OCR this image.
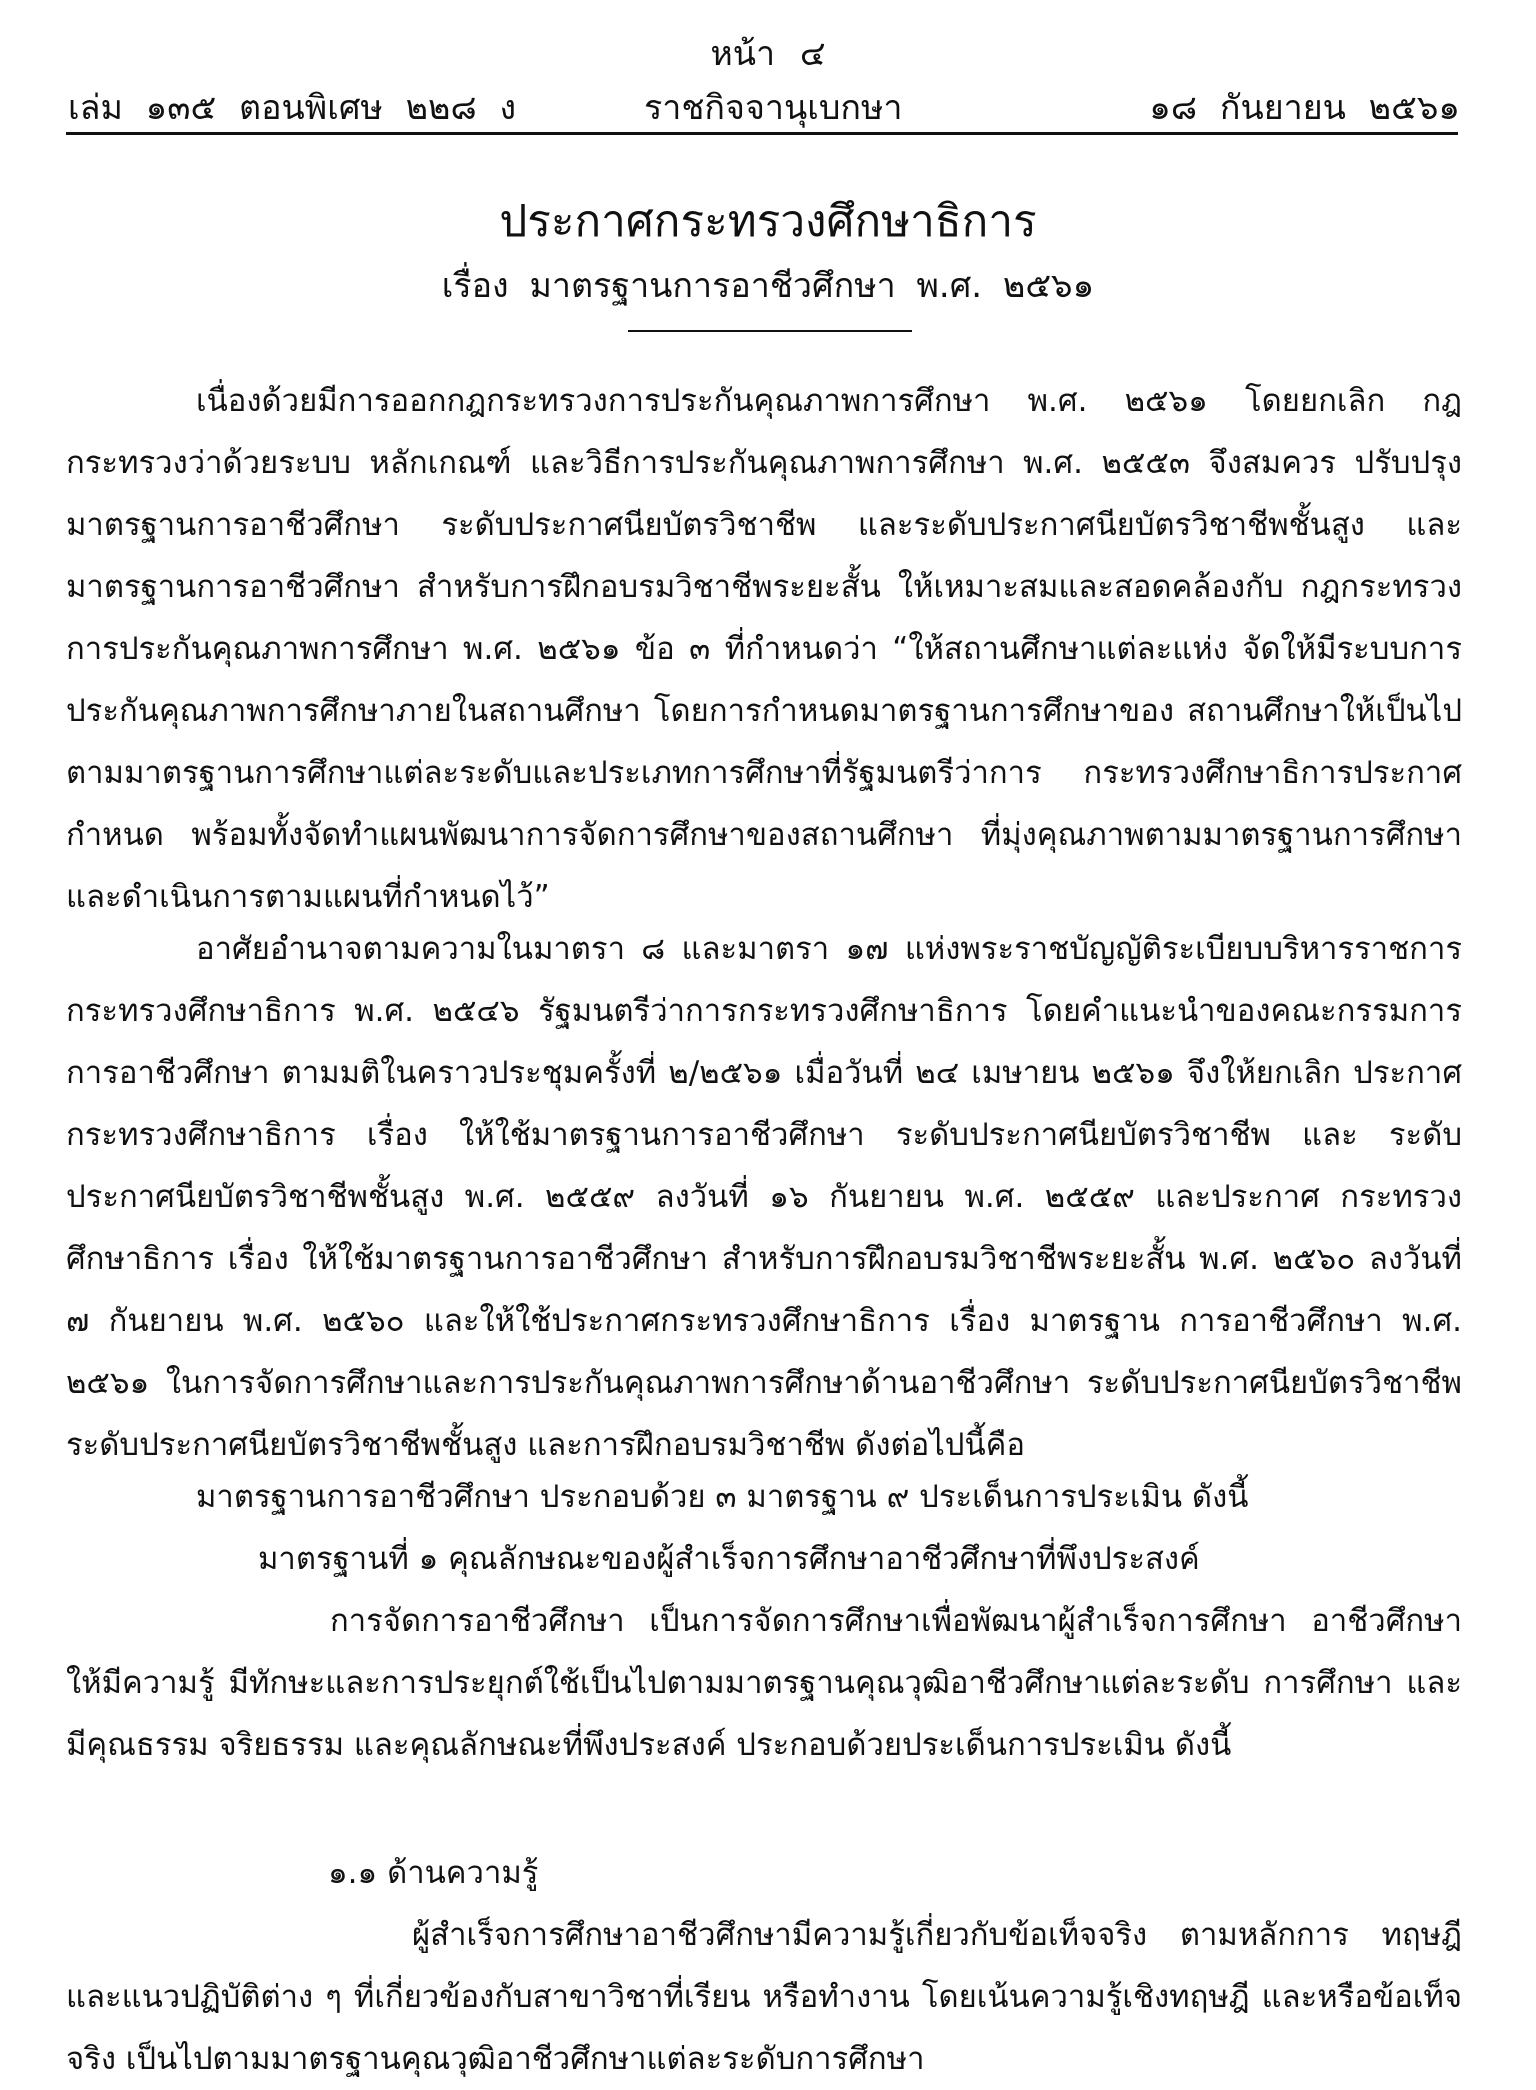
หน้า ๔
เล่ม ๑๓๕ ตอนพิเศษ ๒๒๘ ง	ราชกิจจานุเบกษา	๑๘ กันยายน ๒๕๖๑
ประกาศกระทรวงศึกษาธิการ
เรื่อง มาตรฐานการอาชีวศึกษา พ.ศ. ๒๕๖๑
เนื่องด้วยมีการออกกฎกระทรวงการประกันคุณภาพการศึกษา พ.ศ. ๒๕๖๑ โดยยกเลิก กฎกระทรวงว่าด้วยระบบ หลักเกณฑ์ และวิธีการประกันคุณภาพการศึกษา พ.ศ. ๒๕๕๓ จึงสมควร ปรับปรุงมาตรฐานการอาชีวศึกษา ระดับประกาศนียบัตรวิชาชีพ และระดับประกาศนียบัตรวิชาชีพชั้นสูง และมาตรฐานการอาชีวศึกษา สำหรับการฝึกอบรมวิชาชีพระยะสั้น ให้เหมาะสมและสอดคล้องกับ กฎกระทรวงการประกันคุณภาพการศึกษา พ.ศ. ๒๕๖๑ ข้อ ๓ ที่กำหนดว่า “ให้สถานศึกษาแต่ละแห่ง จัดให้มีระบบการประกันคุณภาพการศึกษาภายในสถานศึกษา โดยการกำหนดมาตรฐานการศึกษาของ สถานศึกษาให้เป็นไปตามมาตรฐานการศึกษาแต่ละระดับและประเภทการศึกษาที่รัฐมนตรีว่าการ กระทรวงศึกษาธิการประกาศกำหนด พร้อมทั้งจัดทำแผนพัฒนาการจัดการศึกษาของสถานศึกษา ที่มุ่งคุณภาพตามมาตรฐานการศึกษาและดำเนินการตามแผนที่กำหนดไว้”
อาศัยอำนาจตามความในมาตรา ๘ และมาตรา ๑๗ แห่งพระราชบัญญัติระเบียบบริหารราชการ กระทรวงศึกษาธิการ พ.ศ. ๒๕๔๖ รัฐมนตรีว่าการกระทรวงศึกษาธิการ โดยคำแนะนำของคณะกรรมการ การอาชีวศึกษา ตามมติในคราวประชุมครั้งที่ ๒/๒๕๖๑ เมื่อวันที่ ๒๔ เมษายน ๒๕๖๑ จึงให้ยกเลิก ประกาศกระทรวงศึกษาธิการ เรื่อง ให้ใช้มาตรฐานการอาชีวศึกษา ระดับประกาศนียบัตรวิชาชีพ และ ระดับประกาศนียบัตรวิชาชีพชั้นสูง พ.ศ. ๒๕๕๙ ลงวันที่ ๑๖ กันยายน พ.ศ. ๒๕๕๙ และประกาศ กระทรวงศึกษาธิการ เรื่อง ให้ใช้มาตรฐานการอาชีวศึกษา สำหรับการฝึกอบรมวิชาชีพระยะสั้น พ.ศ. ๒๕๖๐ ลงวันที่ ๗ กันยายน พ.ศ. ๒๕๖๐ และให้ใช้ประกาศกระทรวงศึกษาธิการ เรื่อง มาตรฐาน การอาชีวศึกษา พ.ศ. ๒๕๖๑ ในการจัดการศึกษาและการประกันคุณภาพการศึกษาด้านอาชีวศึกษา ระดับประกาศนียบัตรวิชาชีพ ระดับประกาศนียบัตรวิชาชีพชั้นสูง และการฝึกอบรมวิชาชีพ ดังต่อไปนี้คือ
มาตรฐานการอาชีวศึกษา ประกอบด้วย ๓ มาตรฐาน ๙ ประเด็นการประเมิน ดังนี้
มาตรฐานที่ ๑ คุณลักษณะของผู้สำเร็จการศึกษาอาชีวศึกษาที่พึงประสงค์
การจัดการอาชีวศึกษา เป็นการจัดการศึกษาเพื่อพัฒนาผู้สำเร็จการศึกษา อาชีวศึกษาให้มีความรู้ มีทักษะและการประยุกต์ใช้เป็นไปตามมาตรฐานคุณวุฒิอาชีวศึกษาแต่ละระดับ การศึกษา และมีคุณธรรม จริยธรรม และคุณลักษณะที่พึงประสงค์ ประกอบด้วยประเด็นการประเมิน ดังนี้
๑.๑ ด้านความรู้
ผู้สำเร็จการศึกษาอาชีวศึกษามีความรู้เกี่ยวกับข้อเท็จจริง ตามหลักการ ทฤษฎี และแนวปฏิบัติต่าง ๆ ที่เกี่ยวข้องกับสาขาวิชาที่เรียน หรือทำงาน โดยเน้นความรู้เชิงทฤษฎี และหรือข้อเท็จจริง เป็นไปตามมาตรฐานคุณวุฒิอาชีวศึกษาแต่ละระดับการศึกษา
